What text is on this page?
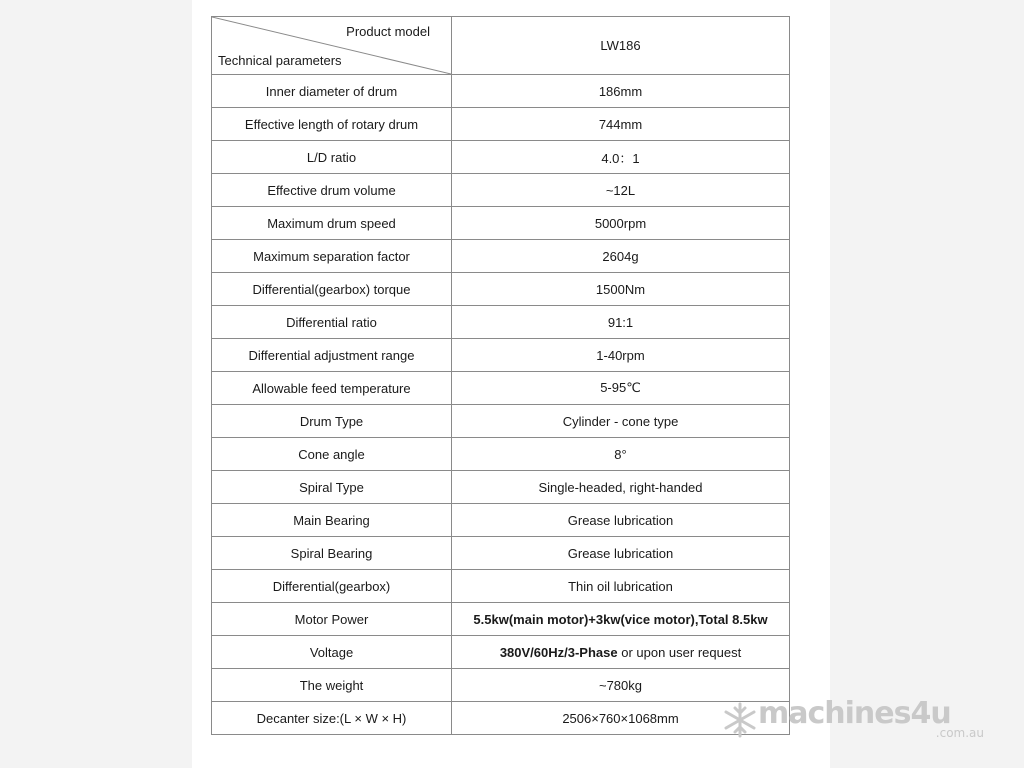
Product model
Technical parameters	LW186
Inner diameter of drum	186mm
Effective length of rotary drum	744mm
L/D ratio	4.0：1
Effective drum volume	~12L
Maximum drum speed	5000rpm
Maximum separation factor	2604g
Differential(gearbox) torque	1500Nm
Differential ratio	91:1
Differential adjustment range	1-40rpm
Allowable feed temperature	5-95℃
Drum Type	Cylinder - cone type
Cone angle	8°
Spiral Type	Single-headed, right-handed
Main Bearing	Grease lubrication
Spiral Bearing	Grease lubrication
Differential(gearbox)	Thin oil lubrication
Motor Power	5.5kw(main motor)+3kw(vice motor),Total 8.5kw
Voltage	380V/60Hz/3-Phase or upon user request
The weight	~780kg
Decanter size:(L × W × H)	2506×760×1068mm	machines4u
.com.au
